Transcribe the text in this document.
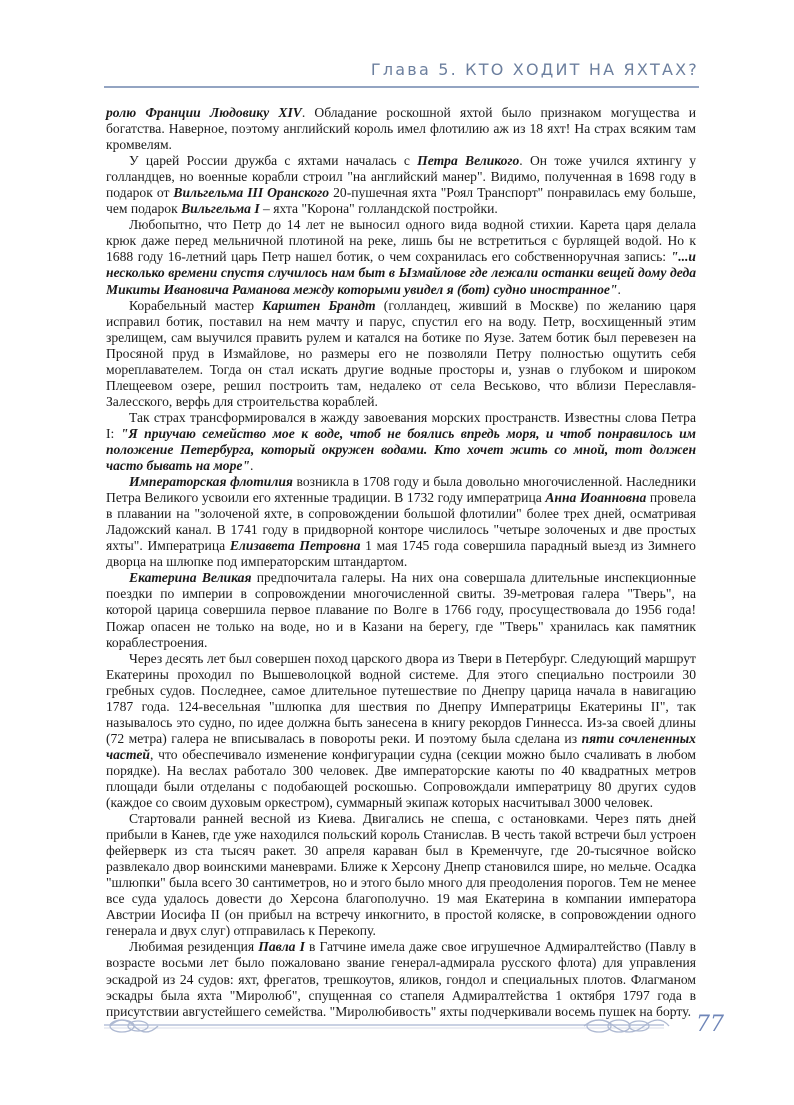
Глава 5. КТО ХОДИТ НА ЯХТАХ?

ролю Франции Людовику XIV. Обладание роскошной яхтой было признаком могущества и богатства. Наверное, поэтому английский король имел флотилию аж из 18 яхт! На страх всяким там кромвелям.

У царей России дружба с яхтами началась с Петра Великого. Он тоже учился яхтингу у голландцев, но военные корабли строил "на английский манер". Видимо, полученная в 1698 году в подарок от Вильгельма III Оранского 20-пушечная яхта "Роял Транспорт" понравилась ему больше, чем подарок Вильгельма I – яхта "Корона" голландской постройки.

Любопытно, что Петр до 14 лет не выносил одного вида водной стихии. Карета царя делала крюк даже перед мельничной плотиной на реке, лишь бы не встретиться с бурлящей водой. Но к 1688 году 16-летний царь Петр нашел ботик, о чем сохранилась его собственноручная запись: "...и несколько времени спустя случилось нам быт в Ызмайлове где лежали останки вещей дому деда Микиты Ивановича Раманова между которыми увидел я (бот) судно иностранное".

Корабельный мастер Карштен Брандт (голландец, живший в Москве) по желанию царя исправил ботик, поставил на нем мачту и парус, спустил его на воду. Петр, восхищенный этим зрелищем, сам выучился править рулем и катался на ботике по Яузе. Затем ботик был перевезен на Просяной пруд в Измайлове, но размеры его не позволяли Петру полностью ощутить себя мореплавателем. Тогда он стал искать другие водные просторы и, узнав о глубоком и широком Плещеевом озере, решил построить там, недалеко от села Веськово, что вблизи Переславля-Залесского, верфь для строительства кораблей.

Так страх трансформировался в жажду завоевания морских пространств. Известны слова Петра I: "Я приучаю семейство мое к воде, чтоб не боялись впредь моря, и чтоб понравилось им положение Петербурга, который окружен водами. Кто хочет жить со мной, тот должен часто бывать на море".

Императорская флотилия возникла в 1708 году и была довольно многочисленной. Наследники Петра Великого усвоили его яхтенные традиции. В 1732 году императрица Анна Иоанновна провела в плавании на "золоченой яхте, в сопровождении большой флотилии" более трех дней, осматривая Ладожский канал. В 1741 году в придворной конторе числилось "четыре золоченых и две простых яхты". Императрица Елизавета Петровна 1 мая 1745 года совершила парадный выезд из Зимнего дворца на шлюпке под императорским штандартом.

Екатерина Великая предпочитала галеры. На них она совершала длительные инспекционные поездки по империи в сопровождении многочисленной свиты. 39-метровая галера "Тверь", на которой царица совершила первое плавание по Волге в 1766 году, просуществовала до 1956 года! Пожар опасен не только на воде, но и в Казани на берегу, где "Тверь" хранилась как памятник кораблестроения.

Через десять лет был совершен поход царского двора из Твери в Петербург. Следующий маршрут Екатерины проходил по Вышеволоцкой водной системе. Для этого специально построили 30 гребных судов. Последнее, самое длительное путешествие по Днепру царица начала в навигацию 1787 года. 124-весельная "шлюпка для шествия по Днепру Императрицы Екатерины II", так называлось это судно, по идее должна быть занесена в книгу рекордов Гиннесса. Из-за своей длины (72 метра) галера не вписывалась в повороты реки. И поэтому была сделана из пяти сочлененных частей, что обеспечивало изменение конфигурации судна (секции можно было счаливать в любом порядке). На веслах работало 300 человек. Две императорские каюты по 40 квадратных метров площади были отделаны с подобающей роскошью. Сопровождали императрицу 80 других судов (каждое со своим духовым оркестром), суммарный экипаж которых насчитывал 3000 человек.

Стартовали ранней весной из Киева. Двигались не спеша, с остановками. Через пять дней прибыли в Канев, где уже находился польский король Станислав. В честь такой встречи был устроен фейерверк из ста тысяч ракет. 30 апреля караван был в Кременчуге, где 20-тысячное войско развлекало двор воинскими маневрами. Ближе к Херсону Днепр становился шире, но мельче. Осадка "шлюпки" была всего 30 сантиметров, но и этого было много для преодоления порогов. Тем не менее все суда удалось довести до Херсона благополучно. 19 мая Екатерина в компании императора Австрии Иосифа II (он прибыл на встречу инкогнито, в простой коляске, в сопровождении одного генерала и двух слуг) отправилась к Перекопу.

Любимая резиденция Павла I в Гатчине имела даже свое игрушечное Адмиралтейство (Павлу в возрасте восьми лет было пожаловано звание генерал-адмирала русского флота) для управления эскадрой из 24 судов: яхт, фрегатов, трешкоутов, яликов, гондол и специальных плотов. Флагманом эскадры была яхта "Миролюб", спущенная со стапеля Адмиралтейства 1 октября 1797 года в присутствии августейшего семейства. "Миролюбивость" яхты подчеркивали восемь пушек на борту.

77
